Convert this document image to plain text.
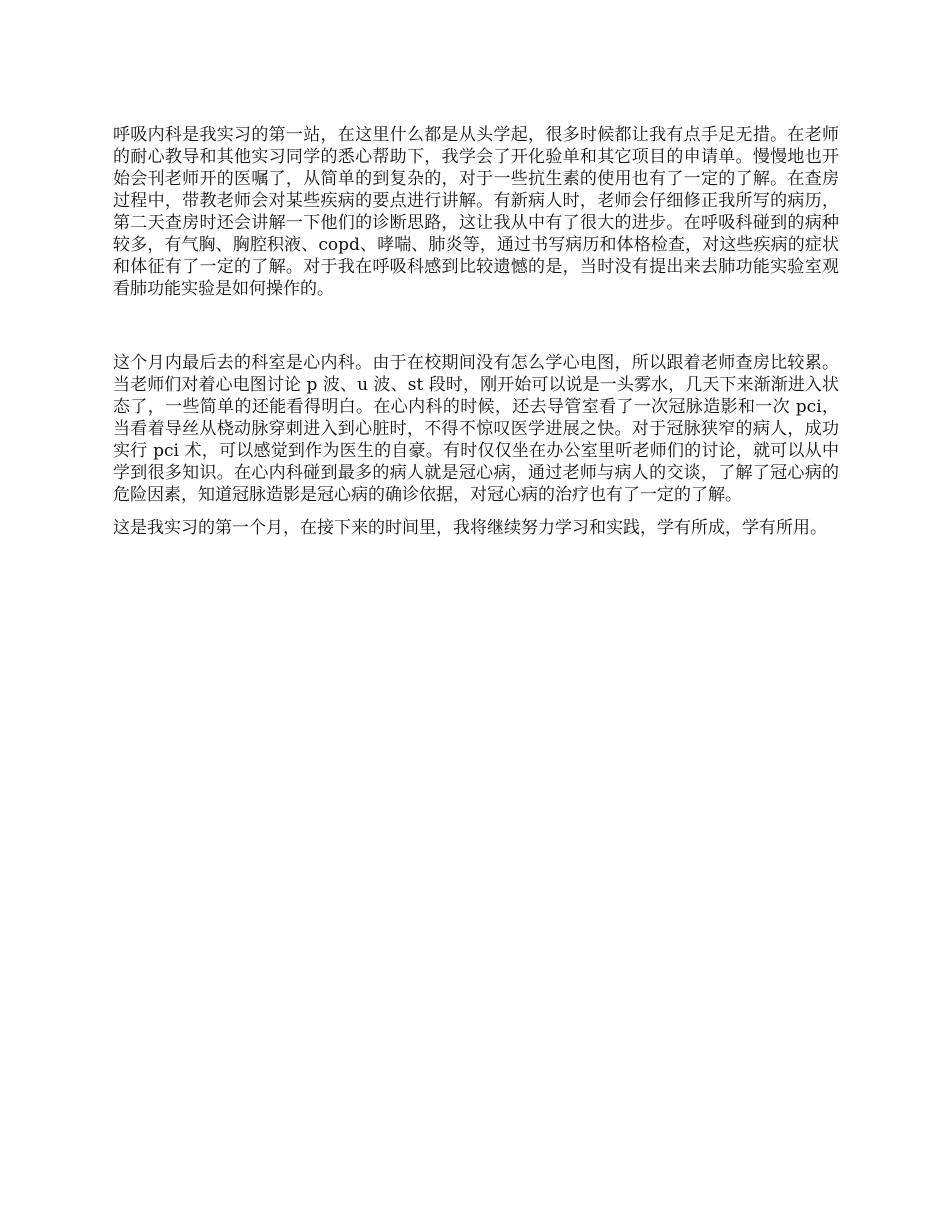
呼吸内科是我实习的第一站，在这里什么都是从头学起，很多时候都让我有点手足无措。在老师的耐心教导和其他实习同学的悉心帮助下，我学会了开化验单和其它项目的申请单。慢慢地也开始会刊老师开的医嘱了，从简单的到复杂的，对于一些抗生素的使用也有了一定的了解。在查房过程中，带教老师会对某些疾病的要点进行讲解。有新病人时，老师会仔细修正我所写的病历，第二天查房时还会讲解一下他们的诊断思路，这让我从中有了很大的进步。在呼吸科碰到的病种较多，有气胸、胸腔积液、copd、哮喘、肺炎等，通过书写病历和体格检查，对这些疾病的症状和体征有了一定的了解。对于我在呼吸科感到比较遗憾的是，当时没有提出来去肺功能实验室观看肺功能实验是如何操作的。

这个月内最后去的科室是心内科。由于在校期间没有怎么学心电图，所以跟着老师查房比较累。当老师们对着心电图讨论 p 波、u 波、st 段时，刚开始可以说是一头雾水，几天下来渐渐进入状态了，一些简单的还能看得明白。在心内科的时候，还去导管室看了一次冠脉造影和一次 pci，当看着导丝从桡动脉穿刺进入到心脏时，不得不惊叹医学进展之快。对于冠脉狭窄的病人，成功实行 pci 术，可以感觉到作为医生的自豪。有时仅仅坐在办公室里听老师们的讨论，就可以从中学到很多知识。在心内科碰到最多的病人就是冠心病，通过老师与病人的交谈，了解了冠心病的危险因素，知道冠脉造影是冠心病的确诊依据，对冠心病的治疗也有了一定的了解。

这是我实习的第一个月，在接下来的时间里，我将继续努力学习和实践，学有所成，学有所用。
